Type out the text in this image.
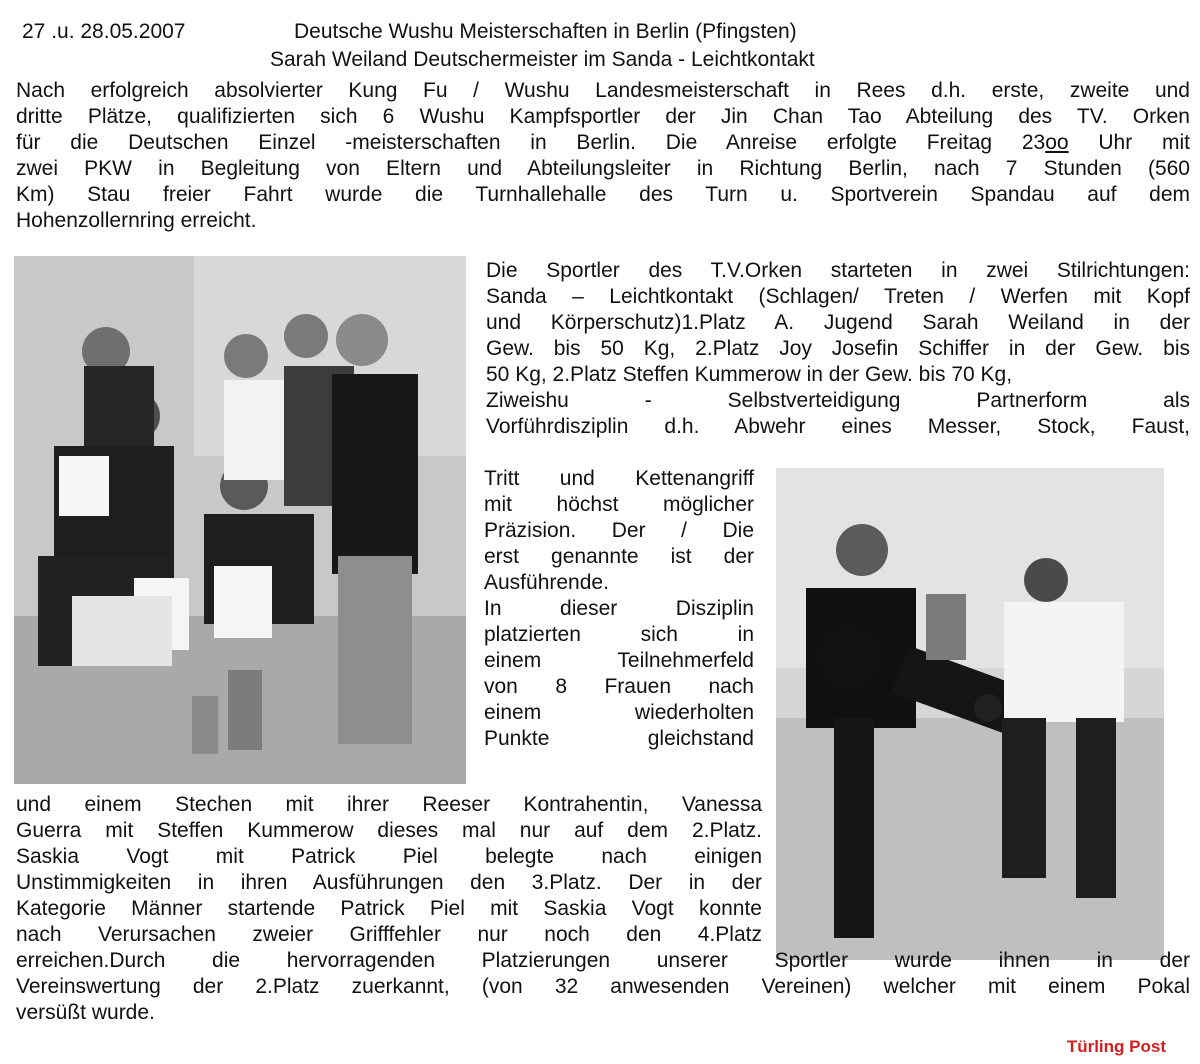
27 .u. 28.05.2007	Deutsche Wushu Meisterschaften in Berlin (Pfingsten)
Sarah Weiland Deutschermeister im Sanda - Leichtkontakt
Nach erfolgreich absolvierter Kung Fu / Wushu Landesmeisterschaft in Rees d.h. erste, zweite und
dritte Plätze, qualifizierten sich 6 Wushu Kampfsportler der Jin Chan Tao Abteilung des TV. Orken
für die Deutschen Einzel -meisterschaften in Berlin. Die Anreise erfolgte Freitag 23oo Uhr mit
zwei PKW in Begleitung von Eltern und Abteilungsleiter in Richtung Berlin, nach 7 Stunden (560
Km) Stau freier Fahrt wurde die Turnhallehalle des Turn u. Sportverein Spandau auf dem
Hohenzollernring erreicht.
Die Sportler des T.V.Orken starteten in zwei Stilrichtungen:
Sanda – Leichtkontakt (Schlagen/ Treten / Werfen mit Kopf
und Körperschutz)1.Platz A. Jugend Sarah Weiland in der
Gew. bis 50 Kg, 2.Platz Joy Josefin Schiffer in der Gew. bis
50 Kg, 2.Platz Steffen Kummerow in der Gew. bis 70 Kg,
Ziweishu - Selbstverteidigung Partnerform als
Vorführdisziplin d.h. Abwehr eines Messer, Stock, Faust,
Tritt und Kettenangriff
mit höchst möglicher
Präzision. Der / Die
erst genannte ist der
Ausführende.
In dieser Disziplin
platzierten sich in
einem Teilnehmerfeld
von 8 Frauen nach
einem wiederholten
Punkte gleichstand
und einem Stechen mit ihrer Reeser Kontrahentin, Vanessa
Guerra mit Steffen Kummerow dieses mal nur auf dem 2.Platz.
Saskia Vogt mit Patrick Piel belegte nach einigen
Unstimmigkeiten in ihren Ausführungen den 3.Platz. Der in der
Kategorie Männer startende Patrick Piel mit Saskia Vogt konnte
nach Verursachen zweier Grifffehler nur noch den 4.Platz
erreichen.Durch die hervorragenden Platzierungen unserer Sportler wurde ihnen in der
Vereinswertung der 2.Platz zuerkannt, (von 32 anwesenden Vereinen) welcher mit einem Pokal
versüßt wurde.
Türling Post
